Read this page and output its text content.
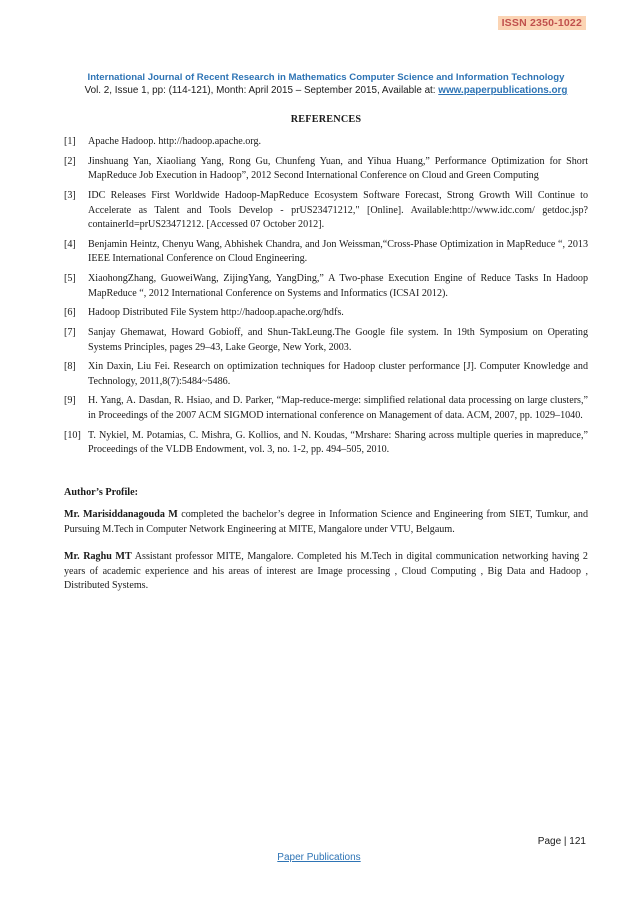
ISSN 2350-1022
International Journal of Recent Research in Mathematics Computer Science and Information Technology
Vol. 2, Issue 1, pp: (114-121), Month: April 2015 – September 2015, Available at: www.paperpublications.org
REFERENCES
[1] Apache Hadoop. http://hadoop.apache.org.
[2] Jinshuang Yan, Xiaoliang Yang, Rong Gu, Chunfeng Yuan, and Yihua Huang,” Performance Optimization for Short MapReduce Job Execution in Hadoop”, 2012 Second International Conference on Cloud and Green Computing
[3] IDC Releases First Worldwide Hadoop-MapReduce Ecosystem Software Forecast, Strong Growth Will Continue to Accelerate as Talent and Tools Develop - prUS23471212," [Online]. Available:http://www.idc.com/ getdoc.jsp? containerId=prUS23471212. [Accessed 07 October 2012].
[4] Benjamin Heintz, Chenyu Wang, Abhishek Chandra, and Jon Weissman,“Cross-Phase Optimization in MapReduce “, 2013 IEEE International Conference on Cloud Engineering.
[5] XiaohongZhang, GuoweiWang, ZijingYang, YangDing,” A Two-phase Execution Engine of Reduce Tasks In Hadoop MapReduce “, 2012 International Conference on Systems and Informatics (ICSAI 2012).
[6] Hadoop Distributed File System http://hadoop.apache.org/hdfs.
[7] Sanjay Ghemawat, Howard Gobioff, and Shun-TakLeung.The Google file system. In 19th Symposium on Operating Systems Principles, pages 29–43, Lake George, New York, 2003.
[8] Xin Daxin, Liu Fei. Research on optimization techniques for Hadoop cluster performance [J]. Computer Knowledge and Technology, 2011,8(7):5484~5486.
[9] H. Yang, A. Dasdan, R. Hsiao, and D. Parker, “Map-reduce-merge: simplified relational data processing on large clusters,” in Proceedings of the 2007 ACM SIGMOD international conference on Management of data. ACM, 2007, pp. 1029–1040.
[10] T. Nykiel, M. Potamias, C. Mishra, G. Kollios, and N. Koudas, “Mrshare: Sharing across multiple queries in mapreduce,” Proceedings of the VLDB Endowment, vol. 3, no. 1-2, pp. 494–505, 2010.
Author’s Profile:

Mr. Marisiddanagouda M completed the bachelor’s degree in Information Science and Engineering from SIET, Tumkur, and Pursuing M.Tech in Computer Network Engineering at MITE, Mangalore under VTU, Belgaum.

Mr. Raghu MT Assistant professor MITE, Mangalore. Completed his M.Tech in digital communication networking having 2 years of academic experience and his areas of interest are Image processing , Cloud Computing , Big Data and Hadoop , Distributed Systems.

Page | 121
Paper Publications
